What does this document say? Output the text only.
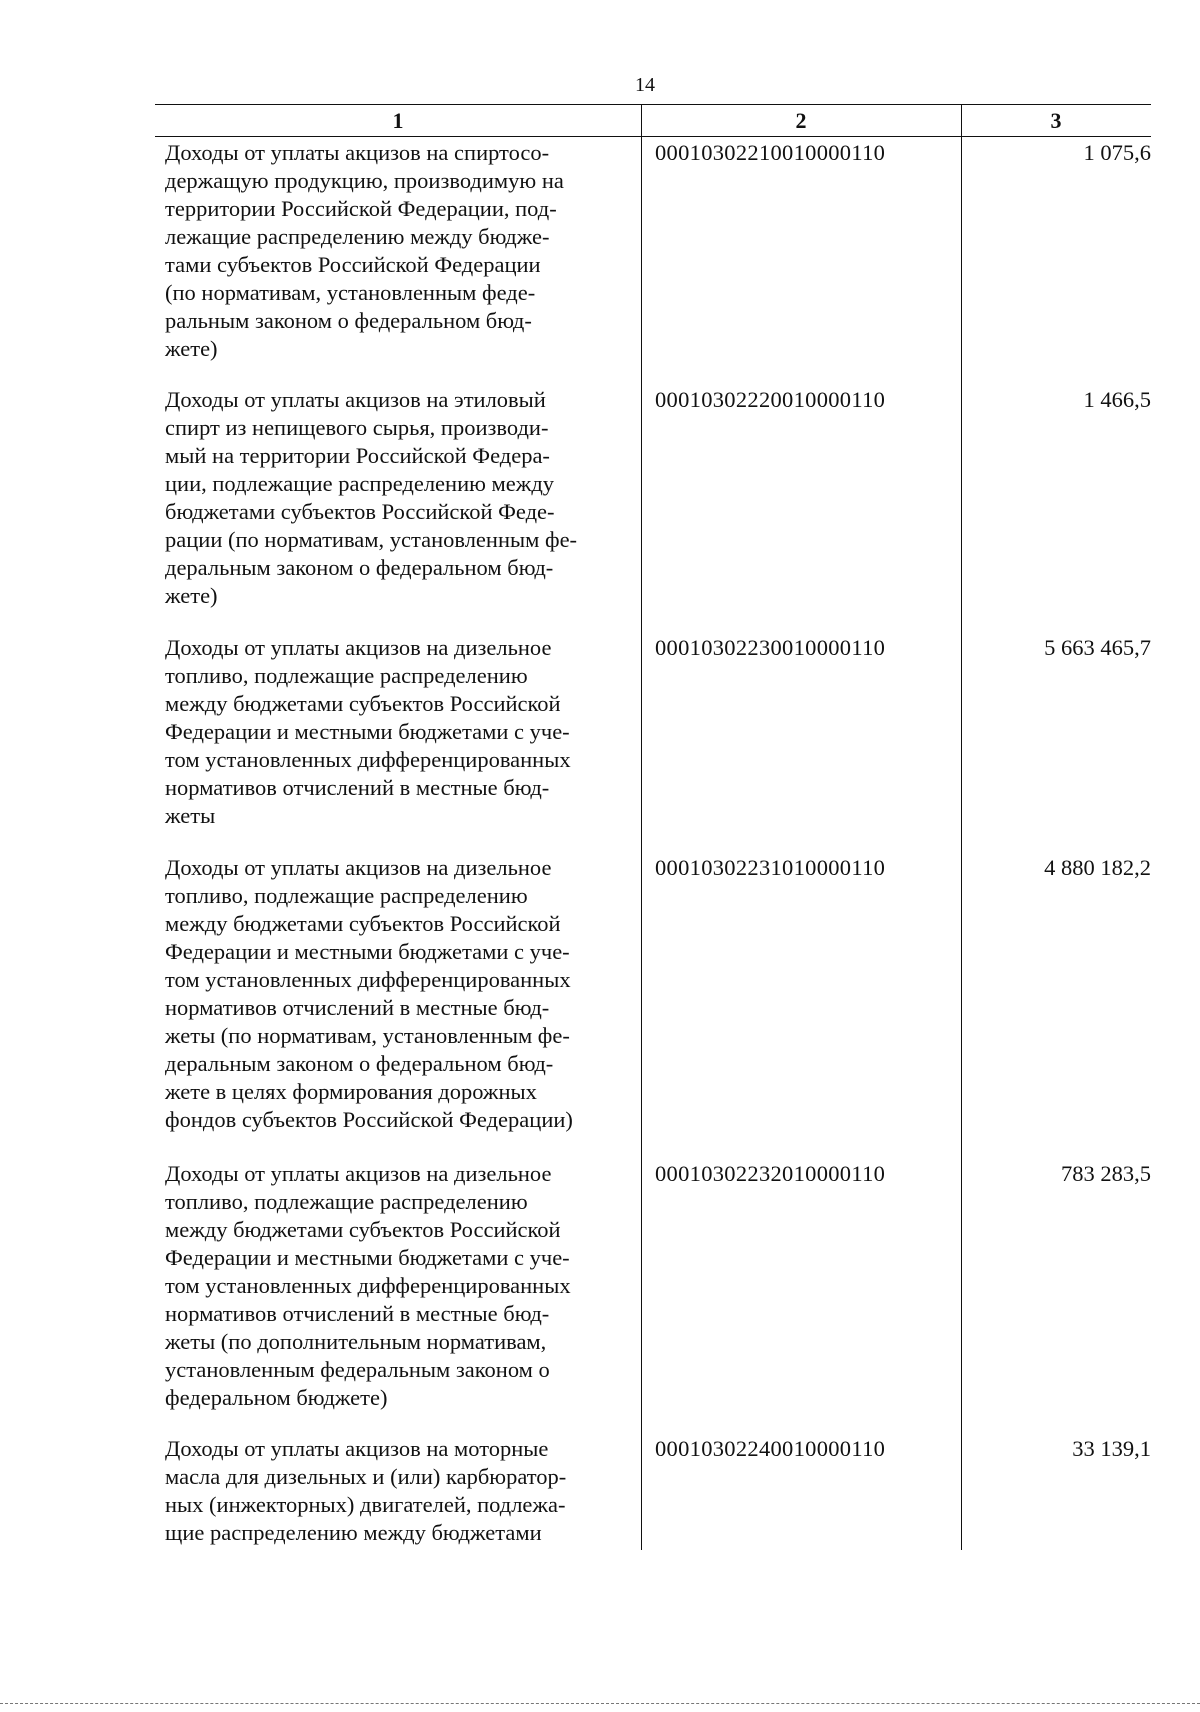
14
1	2	3
Доходы от уплаты акцизов на спиртосо-
держащую продукцию, производимую на
территории Российской Федерации, под-
лежащие распределению между бюдже-
тами субъектов Российской Федерации
(по нормативам, установленным феде-
ральным законом о федеральном бюд-
жете)
00010302210010000110	1 075,6
Доходы от уплаты акцизов на этиловый
спирт из непищевого сырья, производи-
мый на территории Российской Федера-
ции, подлежащие распределению между
бюджетами субъектов Российской Феде-
рации (по нормативам, установленным фе-
деральным законом о федеральном бюд-
жете)
00010302220010000110	1 466,5
Доходы от уплаты акцизов на дизельное
топливо, подлежащие распределению
между бюджетами субъектов Российской
Федерации и местными бюджетами с уче-
том установленных дифференцированных
нормативов отчислений в местные бюд-
жеты
00010302230010000110	5 663 465,7
Доходы от уплаты акцизов на дизельное
топливо, подлежащие распределению
между бюджетами субъектов Российской
Федерации и местными бюджетами с уче-
том установленных дифференцированных
нормативов отчислений в местные бюд-
жеты (по нормативам, установленным фе-
деральным законом о федеральном бюд-
жете в целях формирования дорожных
фондов субъектов Российской Федерации)
00010302231010000110	4 880 182,2
Доходы от уплаты акцизов на дизельное
топливо, подлежащие распределению
между бюджетами субъектов Российской
Федерации и местными бюджетами с уче-
том установленных дифференцированных
нормативов отчислений в местные бюд-
жеты (по дополнительным нормативам,
установленным федеральным законом о
федеральном бюджете)
00010302232010000110	783 283,5
Доходы от уплаты акцизов на моторные
масла для дизельных и (или) карбюратор-
ных (инжекторных) двигателей, подлежа-
щие распределению между бюджетами
00010302240010000110	33 139,1
